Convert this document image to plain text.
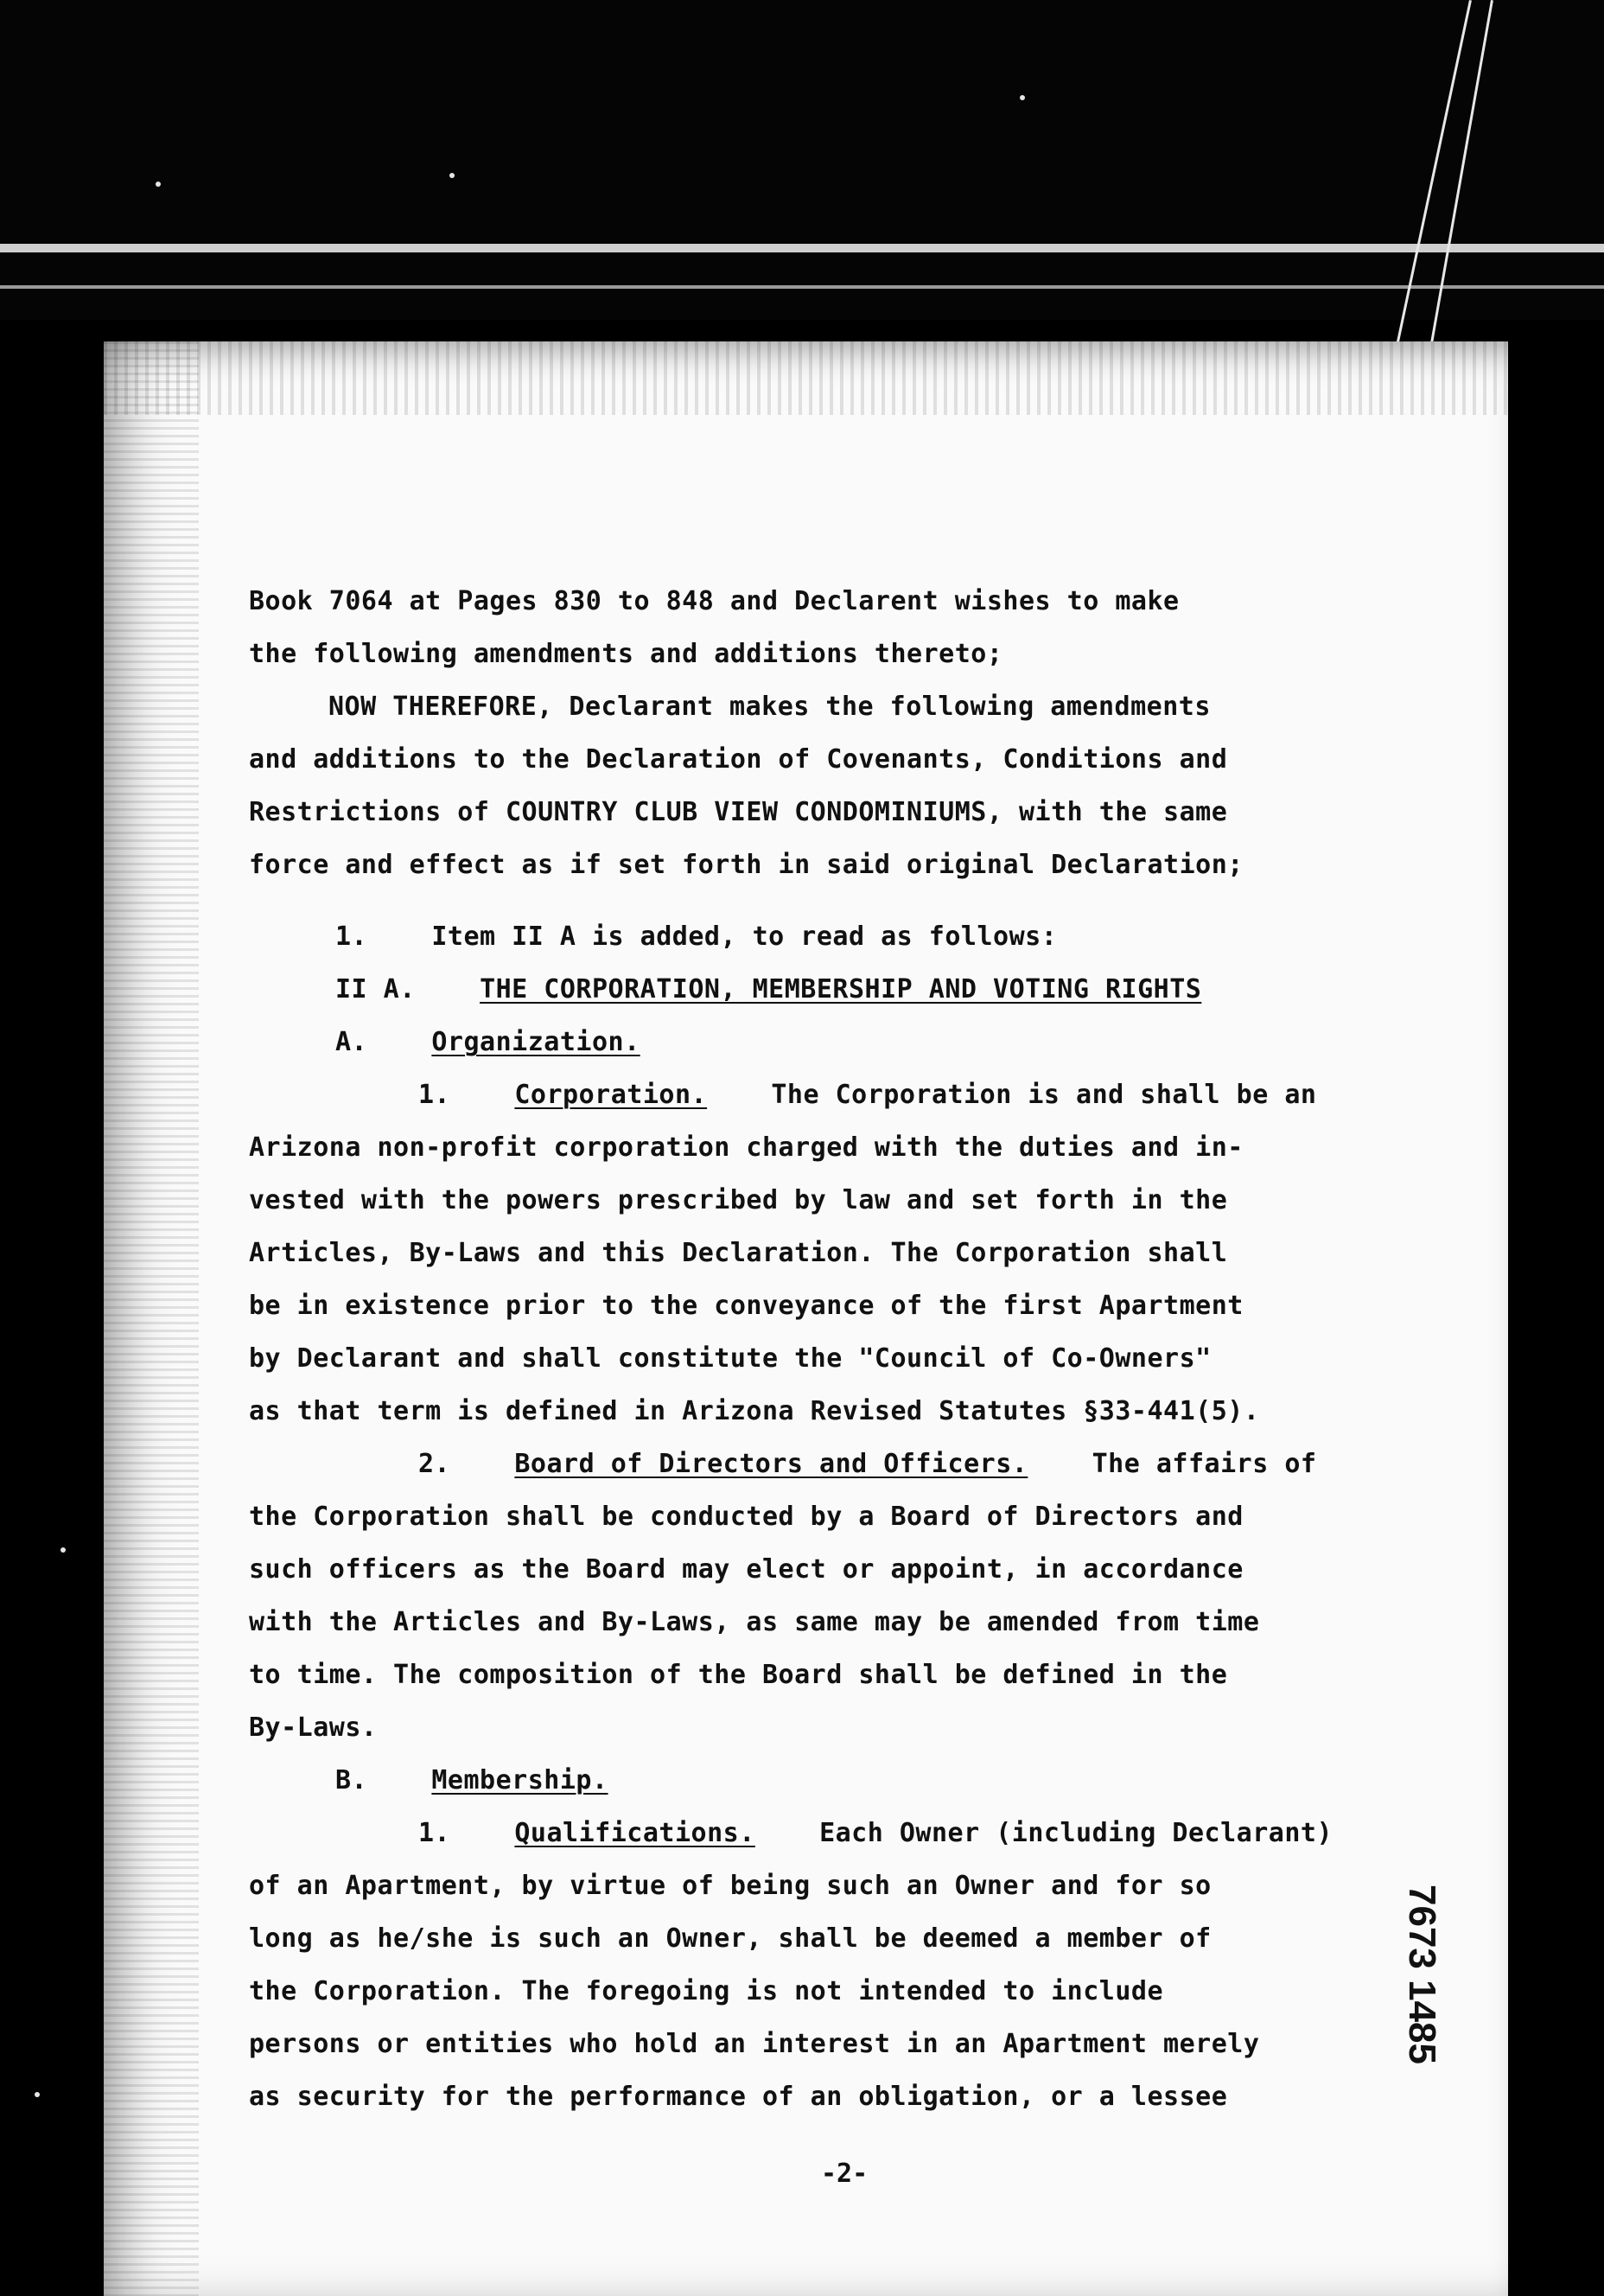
Book 7064 at Pages 830 to 848 and Declarent wishes to make
the following amendments and additions thereto;
NOW THEREFORE, Declarant makes the following amendments
and additions to the Declaration of Covenants, Conditions and
Restrictions of COUNTRY CLUB VIEW CONDOMINIUMS, with the same
force and effect as if set forth in said original Declaration;
1. Item II A is added, to read as follows:
II A. THE CORPORATION, MEMBERSHIP AND VOTING RIGHTS
A. Organization.
1. Corporation. The Corporation is and shall be an
Arizona non-profit corporation charged with the duties and in-
vested with the powers prescribed by law and set forth in the
Articles, By-Laws and this Declaration. The Corporation shall
be in existence prior to the conveyance of the first Apartment
by Declarant and shall constitute the "Council of Co-Owners"
as that term is defined in Arizona Revised Statutes §33-441(5).
2. Board of Directors and Officers. The affairs of
the Corporation shall be conducted by a Board of Directors and
such officers as the Board may elect or appoint, in accordance
with the Articles and By-Laws, as same may be amended from time
to time. The composition of the Board shall be defined in the
By-Laws.
B. Membership.
1. Qualifications. Each Owner (including Declarant)
of an Apartment, by virtue of being such an Owner and for so
long as he/she is such an Owner, shall be deemed a member of
the Corporation. The foregoing is not intended to include
persons or entities who hold an interest in an Apartment merely
as security for the performance of an obligation, or a lessee
-2-
7673 1485
